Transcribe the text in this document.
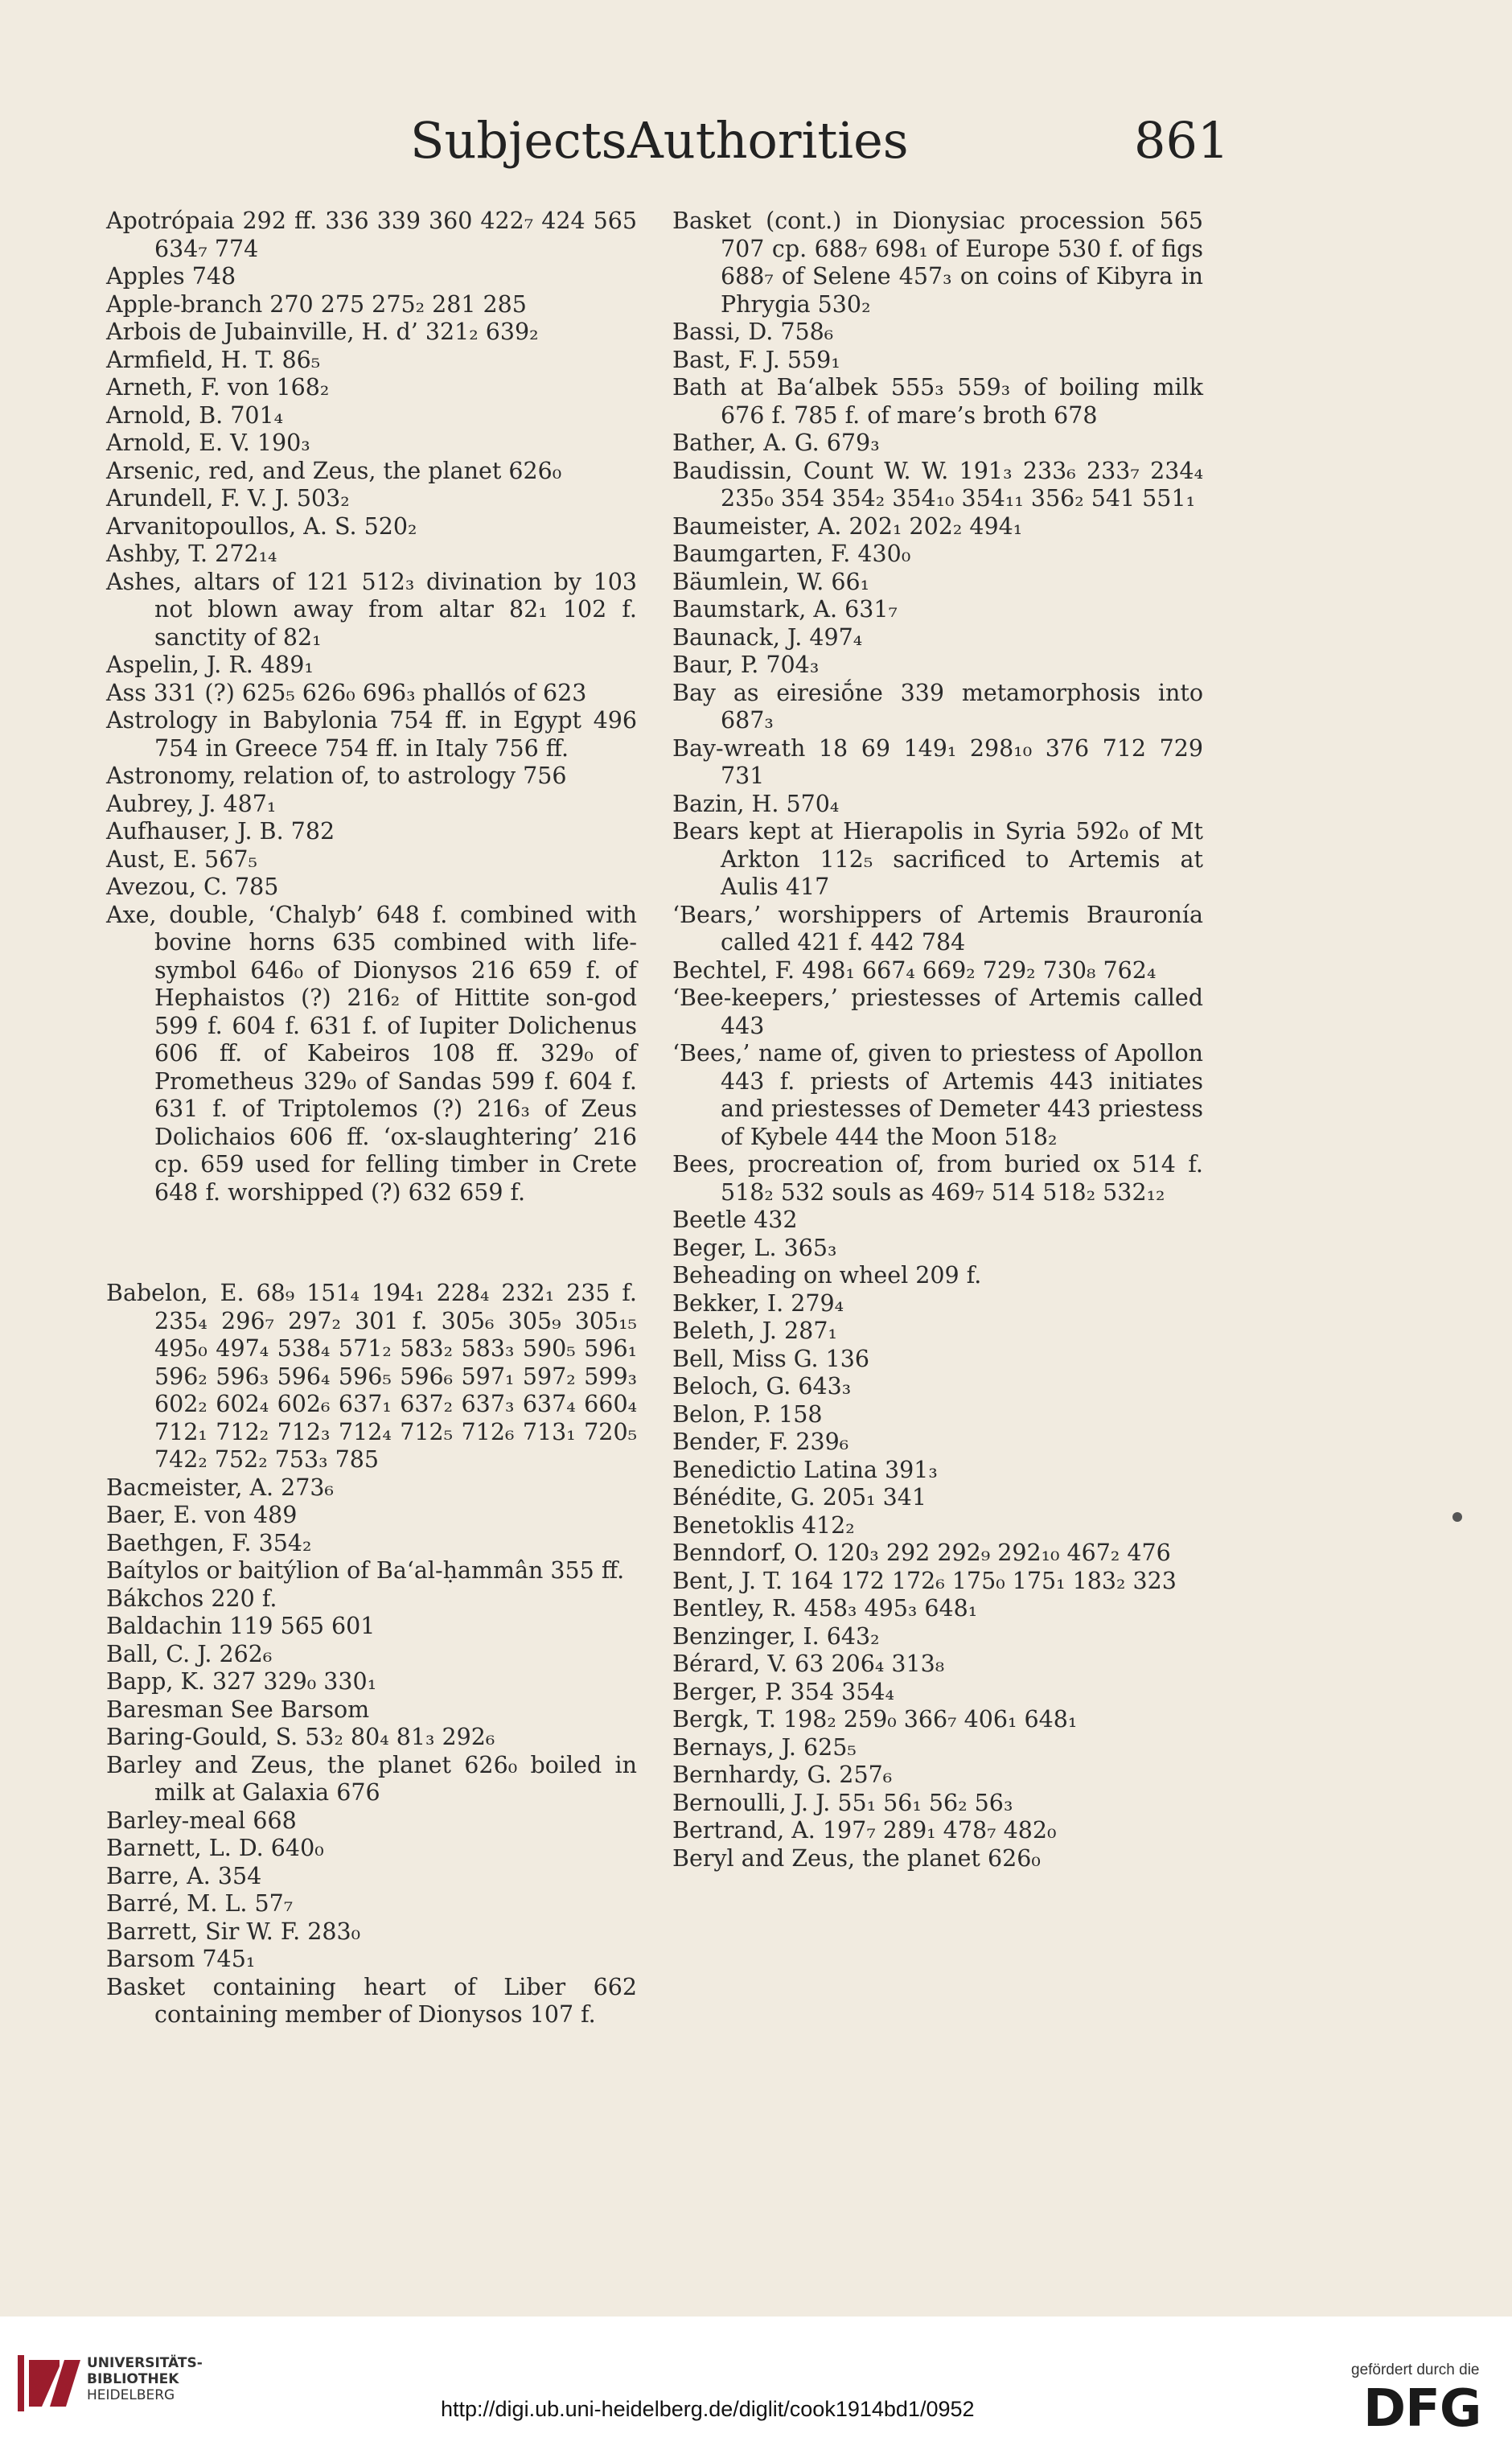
Subjects Authorities	861

Apotrópaia 292 ff. 336 339 360 422₇ 424 565 634₇ 774

Apples 748

Apple-branch 270 275 275₂ 281 285

Arbois de Jubainville, H. d’ 321₂ 639₂

Armfield, H. T. 86₅

Arneth, F. von 168₂

Arnold, B. 701₄

Arnold, E. V. 190₃

Arsenic, red, and Zeus, the planet 626₀

Arundell, F. V. J. 503₂

Arvanitopoullos, A. S. 520₂

Ashby, T. 272₁₄

Ashes, altars of 121 512₃ divination by 103 not blown away from altar 82₁ 102 f. sanctity of 82₁

Aspelin, J. R. 489₁

Ass 331 (?) 625₅ 626₀ 696₃ phallós of 623

Astrology in Babylonia 754 ff. in Egypt 496 754 in Greece 754 ff. in Italy 756 ff.

Astronomy, relation of, to astrology 756

Aubrey, J. 487₁

Aufhauser, J. B. 782

Aust, E. 567₅

Avezou, C. 785

Axe, double, ‘Chalyb’ 648 f. combined with bovine horns 635 combined with life-symbol 646₀ of Dionysos 216 659 f. of Hephaistos (?) 216₂ of Hittite son-god 599 f. 604 f. 631 f. of Iupiter Dolichenus 606 ff. of Kabeiros 108 ff. 329₀ of Prometheus 329₀ of Sandas 599 f. 604 f. 631 f. of Triptolemos (?) 216₃ of Zeus Dolichaios 606 ff. ‘ox-slaughtering’ 216 cp. 659 used for felling timber in Crete 648 f. worshipped (?) 632 659 f.

Babelon, E. 68₉ 151₄ 194₁ 228₄ 232₁ 235 f. 235₄ 296₇ 297₂ 301 f. 305₆ 305₉ 305₁₅ 495₀ 497₄ 538₄ 571₂ 583₂ 583₃ 590₅ 596₁ 596₂ 596₃ 596₄ 596₅ 596₆ 597₁ 597₂ 599₃ 602₂ 602₄ 602₆ 637₁ 637₂ 637₃ 637₄ 660₄ 712₁ 712₂ 712₃ 712₄ 712₅ 712₆ 713₁ 720₅ 742₂ 752₂ 753₃ 785

Bacmeister, A. 273₆

Baer, E. von 489

Baethgen, F. 354₂

Baítylos or baitýlion of Ba‘al-ḥammân 355 ff.

Bákchos 220 f.

Baldachin 119 565 601

Ball, C. J. 262₆

Bapp, K. 327 329₀ 330₁

Baresman See Barsom

Baring-Gould, S. 53₂ 80₄ 81₃ 292₆

Barley and Zeus, the planet 626₀ boiled in milk at Galaxia 676

Barley-meal 668

Barnett, L. D. 640₀

Barre, A. 354

Barré, M. L. 57₇

Barrett, Sir W. F. 283₀

Barsom 745₁

Basket containing heart of Liber 662 containing member of Dionysos 107 f.

Basket (cont.) in Dionysiac procession 565 707 cp. 688₇ 698₁ of Europe 530 f. of figs 688₇ of Selene 457₃ on coins of Kibyra in Phrygia 530₂

Bassi, D. 758₆

Bast, F. J. 559₁

Bath at Ba‘albek 555₃ 559₃ of boiling milk 676 f. 785 f. of mare’s broth 678

Bather, A. G. 679₃

Baudissin, Count W. W. 191₃ 233₆ 233₇ 234₄ 235₀ 354 354₂ 354₁₀ 354₁₁ 356₂ 541 551₁

Baumeister, A. 202₁ 202₂ 494₁

Baumgarten, F. 430₀

Bäumlein, W. 66₁

Baumstark, A. 631₇

Baunack, J. 497₄

Baur, P. 704₃

Bay as eiresiṓne 339 metamorphosis into 687₃

Bay-wreath 18 69 149₁ 298₁₀ 376 712 729 731

Bazin, H. 570₄

Bears kept at Hierapolis in Syria 592₀ of Mt Arkton 112₅ sacrificed to Artemis at Aulis 417

‘Bears,’ worshippers of Artemis Brauronía called 421 f. 442 784

Bechtel, F. 498₁ 667₄ 669₂ 729₂ 730₈ 762₄

‘Bee-keepers,’ priestesses of Artemis called 443

‘Bees,’ name of, given to priestess of Apollon 443 f. priests of Artemis 443 initiates and priestesses of Demeter 443 priestess of Kybele 444 the Moon 518₂

Bees, procreation of, from buried ox 514 f. 518₂ 532 souls as 469₇ 514 518₂ 532₁₂

Beetle 432

Beger, L. 365₃

Beheading on wheel 209 f.

Bekker, I. 279₄

Beleth, J. 287₁

Bell, Miss G. 136

Beloch, G. 643₃

Belon, P. 158

Bender, F. 239₆

Benedictio Latina 391₃

Bénédite, G. 205₁ 341

Benetoklis 412₂

Benndorf, O. 120₃ 292 292₉ 292₁₀ 467₂ 476

Bent, J. T. 164 172 172₆ 175₀ 175₁ 183₂ 323

Bentley, R. 458₃ 495₃ 648₁

Benzinger, I. 643₂

Bérard, V. 63 206₄ 313₈

Berger, P. 354 354₄

Bergk, T. 198₂ 259₀ 366₇ 406₁ 648₁

Bernays, J. 625₅

Bernhardy, G. 257₆

Bernoulli, J. J. 55₁ 56₁ 56₂ 56₃

Bertrand, A. 197₇ 289₁ 478₇ 482₀

Beryl and Zeus, the planet 626₀

UNIVERSITÄTS-
BIBLIOTHEK
HEIDELBERG
http://digi.ub.uni-heidelberg.de/diglit/cook1914bd1/0952
gefördert durch die
DFG
